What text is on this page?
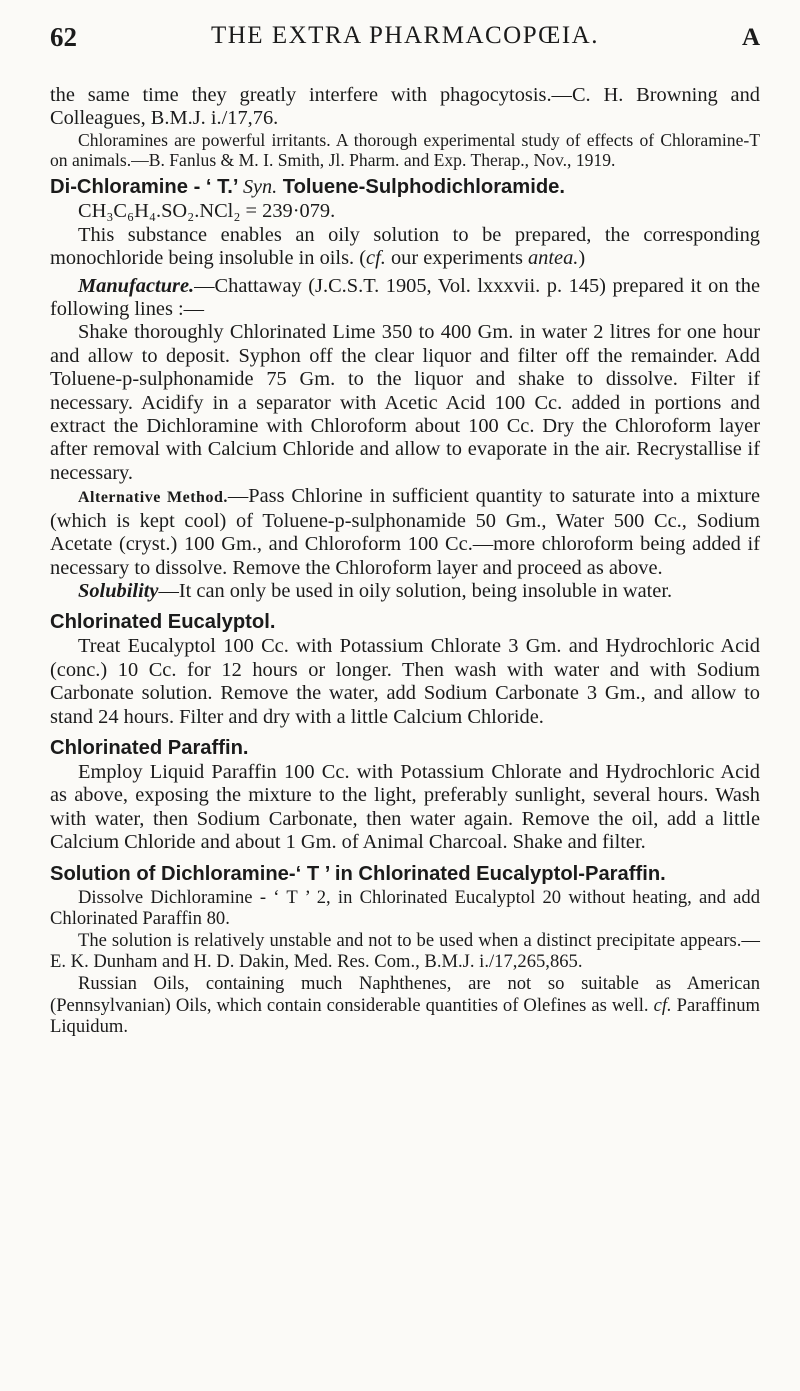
62	THE EXTRA PHARMACOPŒIA.	A

the same time they greatly interfere with phagocytosis.—C. H. Browning and Colleagues, B.M.J. i./17,76.

Chloramines are powerful irritants. A thorough experimental study of effects of Chloramine-T on animals.—B. Fanlus & M. I. Smith, Jl. Pharm. and Exp. Therap., Nov., 1919.

Di-Chloramine - ‘ T.’ Syn. Toluene-Sulphodichloramide.

CH₃C₆H₄.SO₂.NCl₂ = 239·079.

This substance enables an oily solution to be prepared, the corresponding monochloride being insoluble in oils. (cf. our experiments antea.)

Manufacture.—Chattaway (J.C.S.T. 1905, Vol. lxxxvii. p. 145) prepared it on the following lines :—

Shake thoroughly Chlorinated Lime 350 to 400 Gm. in water 2 litres for one hour and allow to deposit. Syphon off the clear liquor and filter off the remainder. Add Toluene-p-sulphonamide 75 Gm. to the liquor and shake to dissolve. Filter if necessary. Acidify in a separator with Acetic Acid 100 Cc. added in portions and extract the Dichloramine with Chloroform about 100 Cc. Dry the Chloroform layer after removal with Calcium Chloride and allow to evaporate in the air. Recrystallise if necessary.

Alternative Method.—Pass Chlorine in sufficient quantity to saturate into a mixture (which is kept cool) of Toluene-p-sulphonamide 50 Gm., Water 500 Cc., Sodium Acetate (cryst.) 100 Gm., and Chloroform 100 Cc.—more chloroform being added if necessary to dissolve. Remove the Chloroform layer and proceed as above.

Solubility—It can only be used in oily solution, being insoluble in water.

Chlorinated Eucalyptol.

Treat Eucalyptol 100 Cc. with Potassium Chlorate 3 Gm. and Hydrochloric Acid (conc.) 10 Cc. for 12 hours or longer. Then wash with water and with Sodium Carbonate solution. Remove the water, add Sodium Carbonate 3 Gm., and allow to stand 24 hours. Filter and dry with a little Calcium Chloride.

Chlorinated Paraffin.

Employ Liquid Paraffin 100 Cc. with Potassium Chlorate and Hydrochloric Acid as above, exposing the mixture to the light, preferably sunlight, several hours. Wash with water, then Sodium Carbonate, then water again. Remove the oil, add a little Calcium Chloride and about 1 Gm. of Animal Charcoal. Shake and filter.

Solution of Dichloramine-‘ T ’ in Chlorinated Eucalyptol-Paraffin.

Dissolve Dichloramine - ‘ T ’ 2, in Chlorinated Eucalyptol 20 without heating, and add Chlorinated Paraffin 80.

The solution is relatively unstable and not to be used when a distinct precipitate appears.—E. K. Dunham and H. D. Dakin, Med. Res. Com., B.M.J. i./17,265,865.

Russian Oils, containing much Naphthenes, are not so suitable as American (Pennsylvanian) Oils, which contain considerable quantities of Olefines as well. cf. Paraffinum Liquidum.
